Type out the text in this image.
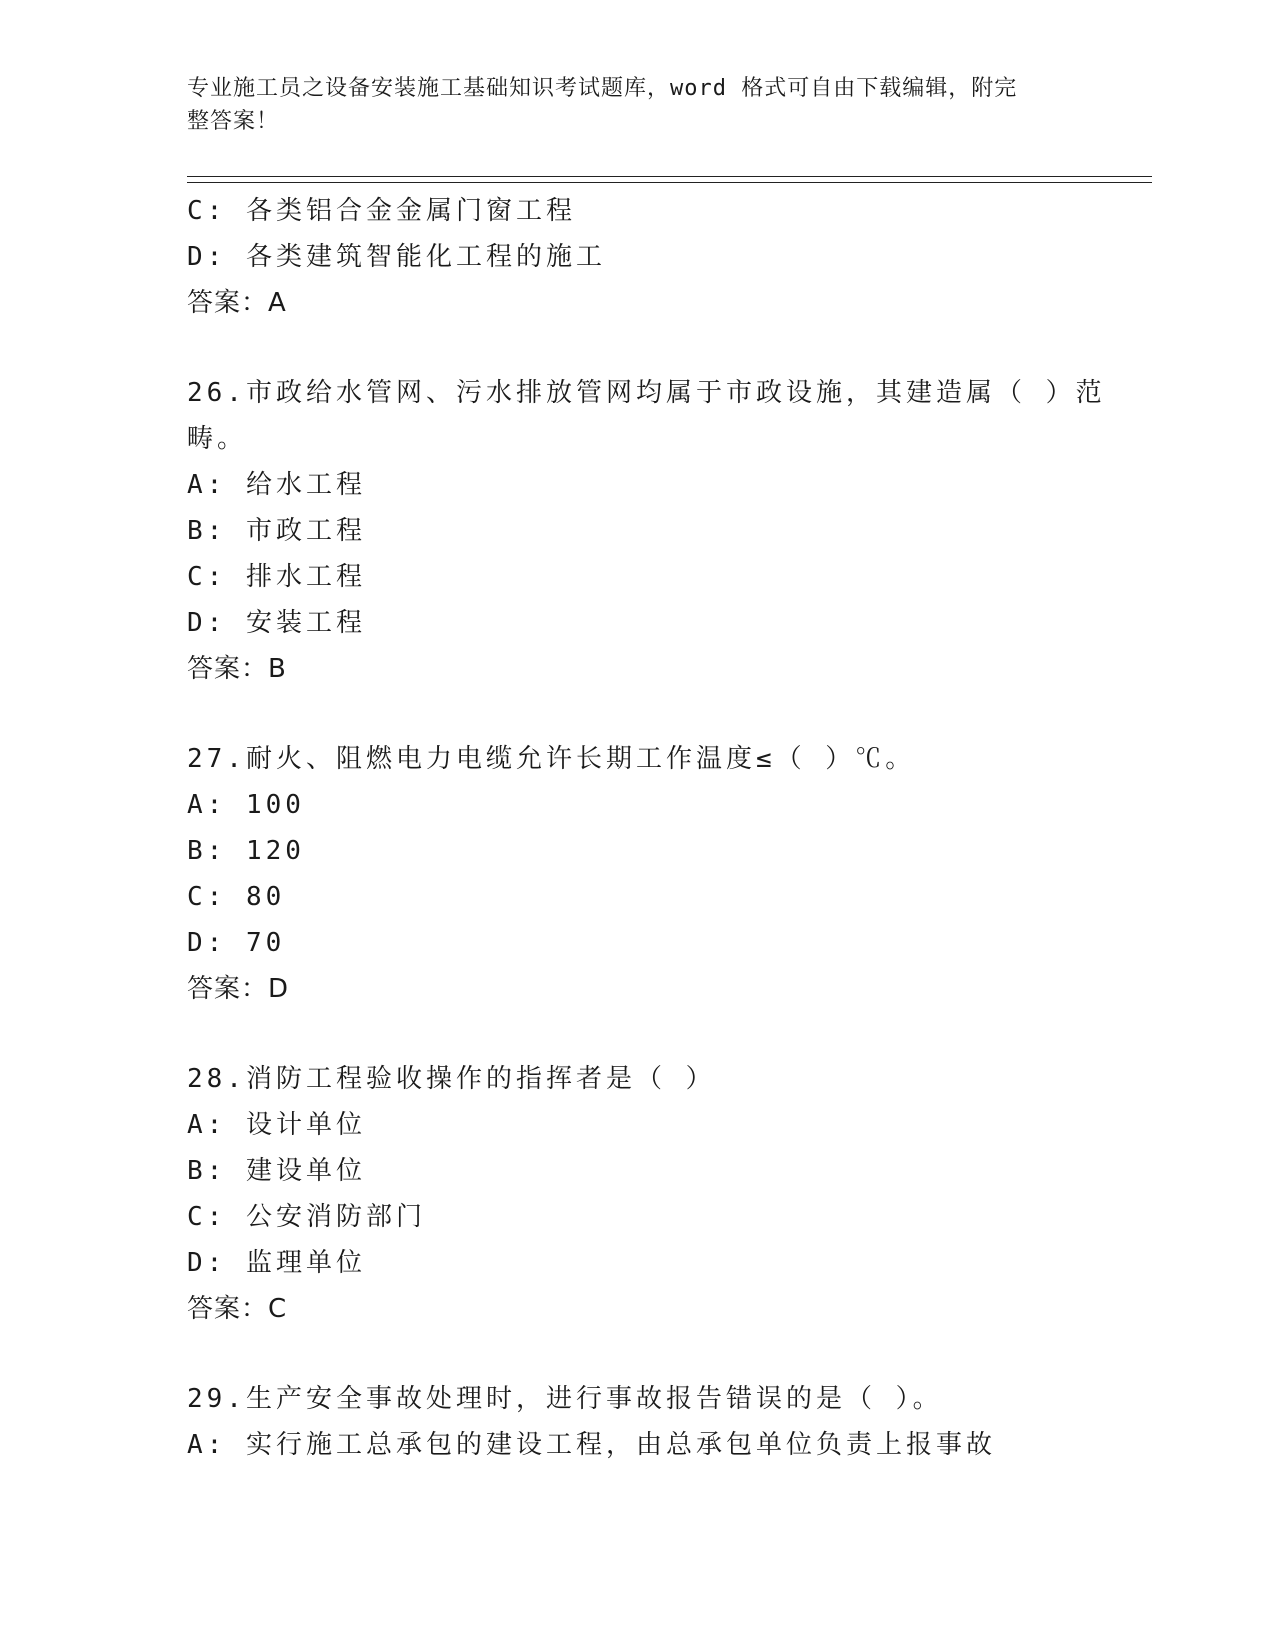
专业施工员之设备安装施工基础知识考试题库，word 格式可自由下载编辑，附完
整答案！
C: 各类铝合金金属门窗工程
D: 各类建筑智能化工程的施工
答案：A
26.市政给水管网、污水排放管网均属于市政设施，其建造属（ ）范
畴。
A: 给水工程
B: 市政工程
C: 排水工程
D: 安装工程
答案：B
27.耐火、阻燃电力电缆允许长期工作温度≤（ ）℃。
A: 100
B: 120
C: 80
D: 70
答案：D
28.消防工程验收操作的指挥者是（ ）
A: 设计单位
B: 建设单位
C: 公安消防部门
D: 监理单位
答案：C
29.生产安全事故处理时，进行事故报告错误的是（ ）。
A: 实行施工总承包的建设工程，由总承包单位负责上报事故
